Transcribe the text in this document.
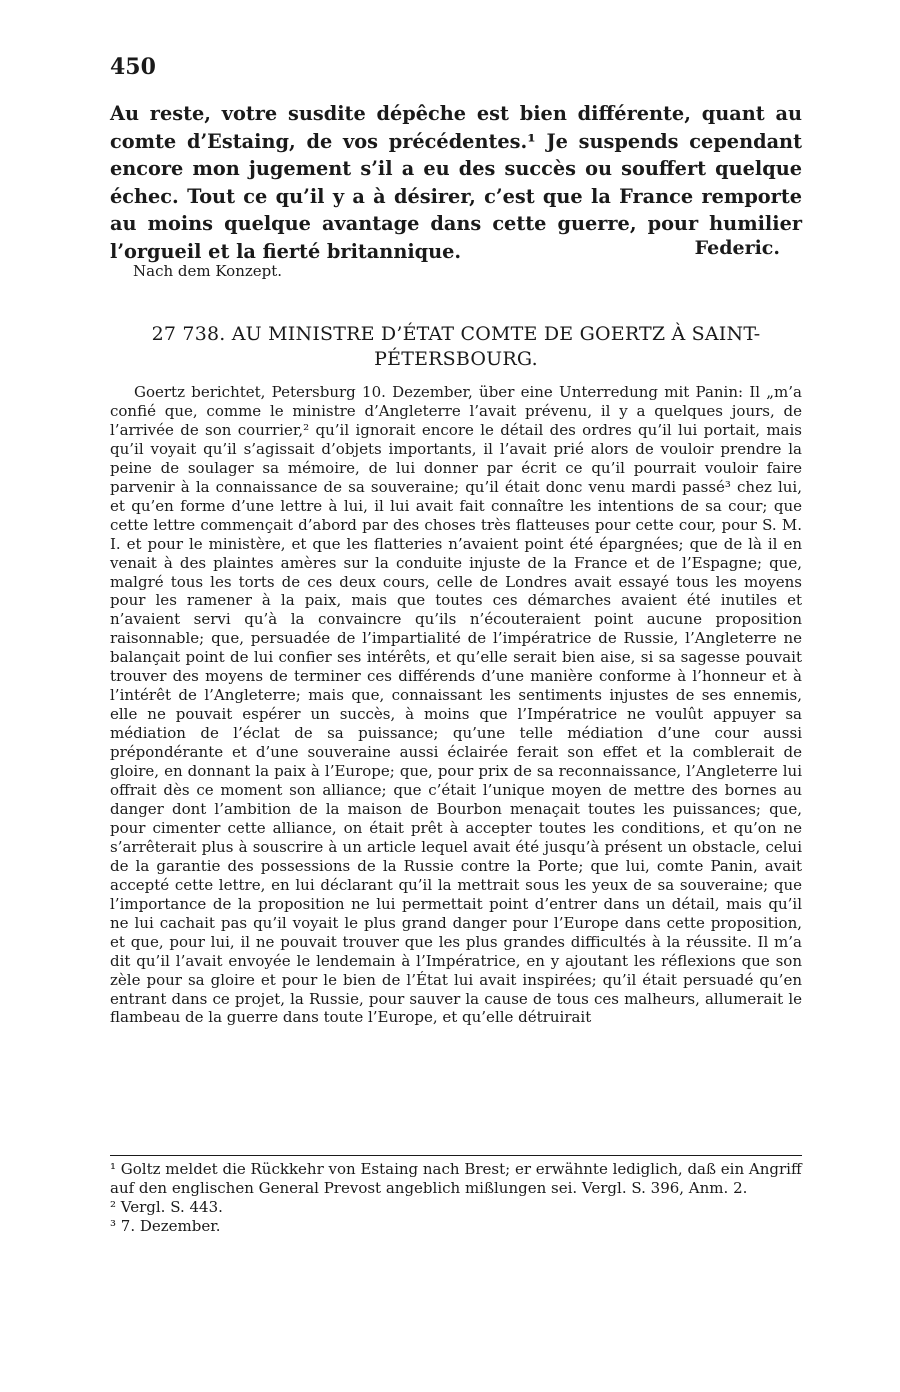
450
Au reste, votre susdite dépêche est bien différente, quant au comte d’Estaing, de vos précédentes.¹ Je suspends cependant encore mon jugement s’il a eu des succès ou souffert quelque échec. Tout ce qu’il y a à désirer, c’est que la France remporte au moins quelque avantage dans cette guerre, pour humilier l’orgueil et la fierté britannique.	Federic.
Nach dem Konzept.
27 738. AU MINISTRE D’ÉTAT COMTE DE GOERTZ À SAINT-PÉTERSBOURG.
Goertz berichtet, Petersburg 10. Dezember, über eine Unterredung mit Panin: Il „m’a confié que, comme le ministre d’Angleterre l’avait prévenu, il y a quelques jours, de l’arrivée de son courrier,² qu’il ignorait encore le détail des ordres qu’il lui portait, mais qu’il voyait qu’il s’agissait d’objets importants, il l’avait prié alors de vouloir prendre la peine de soulager sa mémoire, de lui donner par écrit ce qu’il pourrait vouloir faire parvenir à la connaissance de sa souveraine; qu’il était donc venu mardi passé³ chez lui, et qu’en forme d’une lettre à lui, il lui avait fait connaître les intentions de sa cour; que cette lettre commençait d’abord par des choses très flatteuses pour cette cour, pour S. M. I. et pour le ministère, et que les flatteries n’avaient point été épargnées; que de là il en venait à des plaintes amères sur la conduite injuste de la France et de l’Espagne; que, malgré tous les torts de ces deux cours, celle de Londres avait essayé tous les moyens pour les ramener à la paix, mais que toutes ces démarches avaient été inutiles et n’avaient servi qu’à la convaincre qu’ils n’écouteraient point aucune proposition raisonnable; que, persuadée de l’impartialité de l’impératrice de Russie, l’Angleterre ne balançait point de lui confier ses intérêts, et qu’elle serait bien aise, si sa sagesse pouvait trouver des moyens de terminer ces différends d’une manière conforme à l’honneur et à l’intérêt de l’Angleterre; mais que, connaissant les sentiments injustes de ses ennemis, elle ne pouvait espérer un succès, à moins que l’Impératrice ne voulût appuyer sa médiation de l’éclat de sa puissance; qu’une telle médiation d’une cour aussi prépondérante et d’une souveraine aussi éclairée ferait son effet et la comblerait de gloire, en donnant la paix à l’Europe; que, pour prix de sa reconnaissance, l’Angleterre lui offrait dès ce moment son alliance; que c’était l’unique moyen de mettre des bornes au danger dont l’ambition de la maison de Bourbon menaçait toutes les puissances; que, pour cimenter cette alliance, on était prêt à accepter toutes les conditions, et qu’on ne s’arrêterait plus à souscrire à un article lequel avait été jusqu’à présent un obstacle, celui de la garantie des possessions de la Russie contre la Porte; que lui, comte Panin, avait accepté cette lettre, en lui déclarant qu’il la mettrait sous les yeux de sa souveraine; que l’importance de la proposition ne lui permettait point d’entrer dans un détail, mais qu’il ne lui cachait pas qu’il voyait le plus grand danger pour l’Europe dans cette proposition, et que, pour lui, il ne pouvait trouver que les plus grandes difficultés à la réussite. Il m’a dit qu’il l’avait envoyée le lendemain à l’Impératrice, en y ajoutant les réflexions que son zèle pour sa gloire et pour le bien de l’État lui avait inspirées; qu’il était persuadé qu’en entrant dans ce projet, la Russie, pour sauver la cause de tous ces malheurs, allumerait le flambeau de la guerre dans toute l’Europe, et qu’elle détruirait

¹ Goltz meldet die Rückkehr von Estaing nach Brest; er erwähnte lediglich, daß ein Angriff auf den englischen General Prevost angeblich mißlungen sei. Vergl. S. 396, Anm. 2.

² Vergl. S. 443.

³ 7. Dezember.
